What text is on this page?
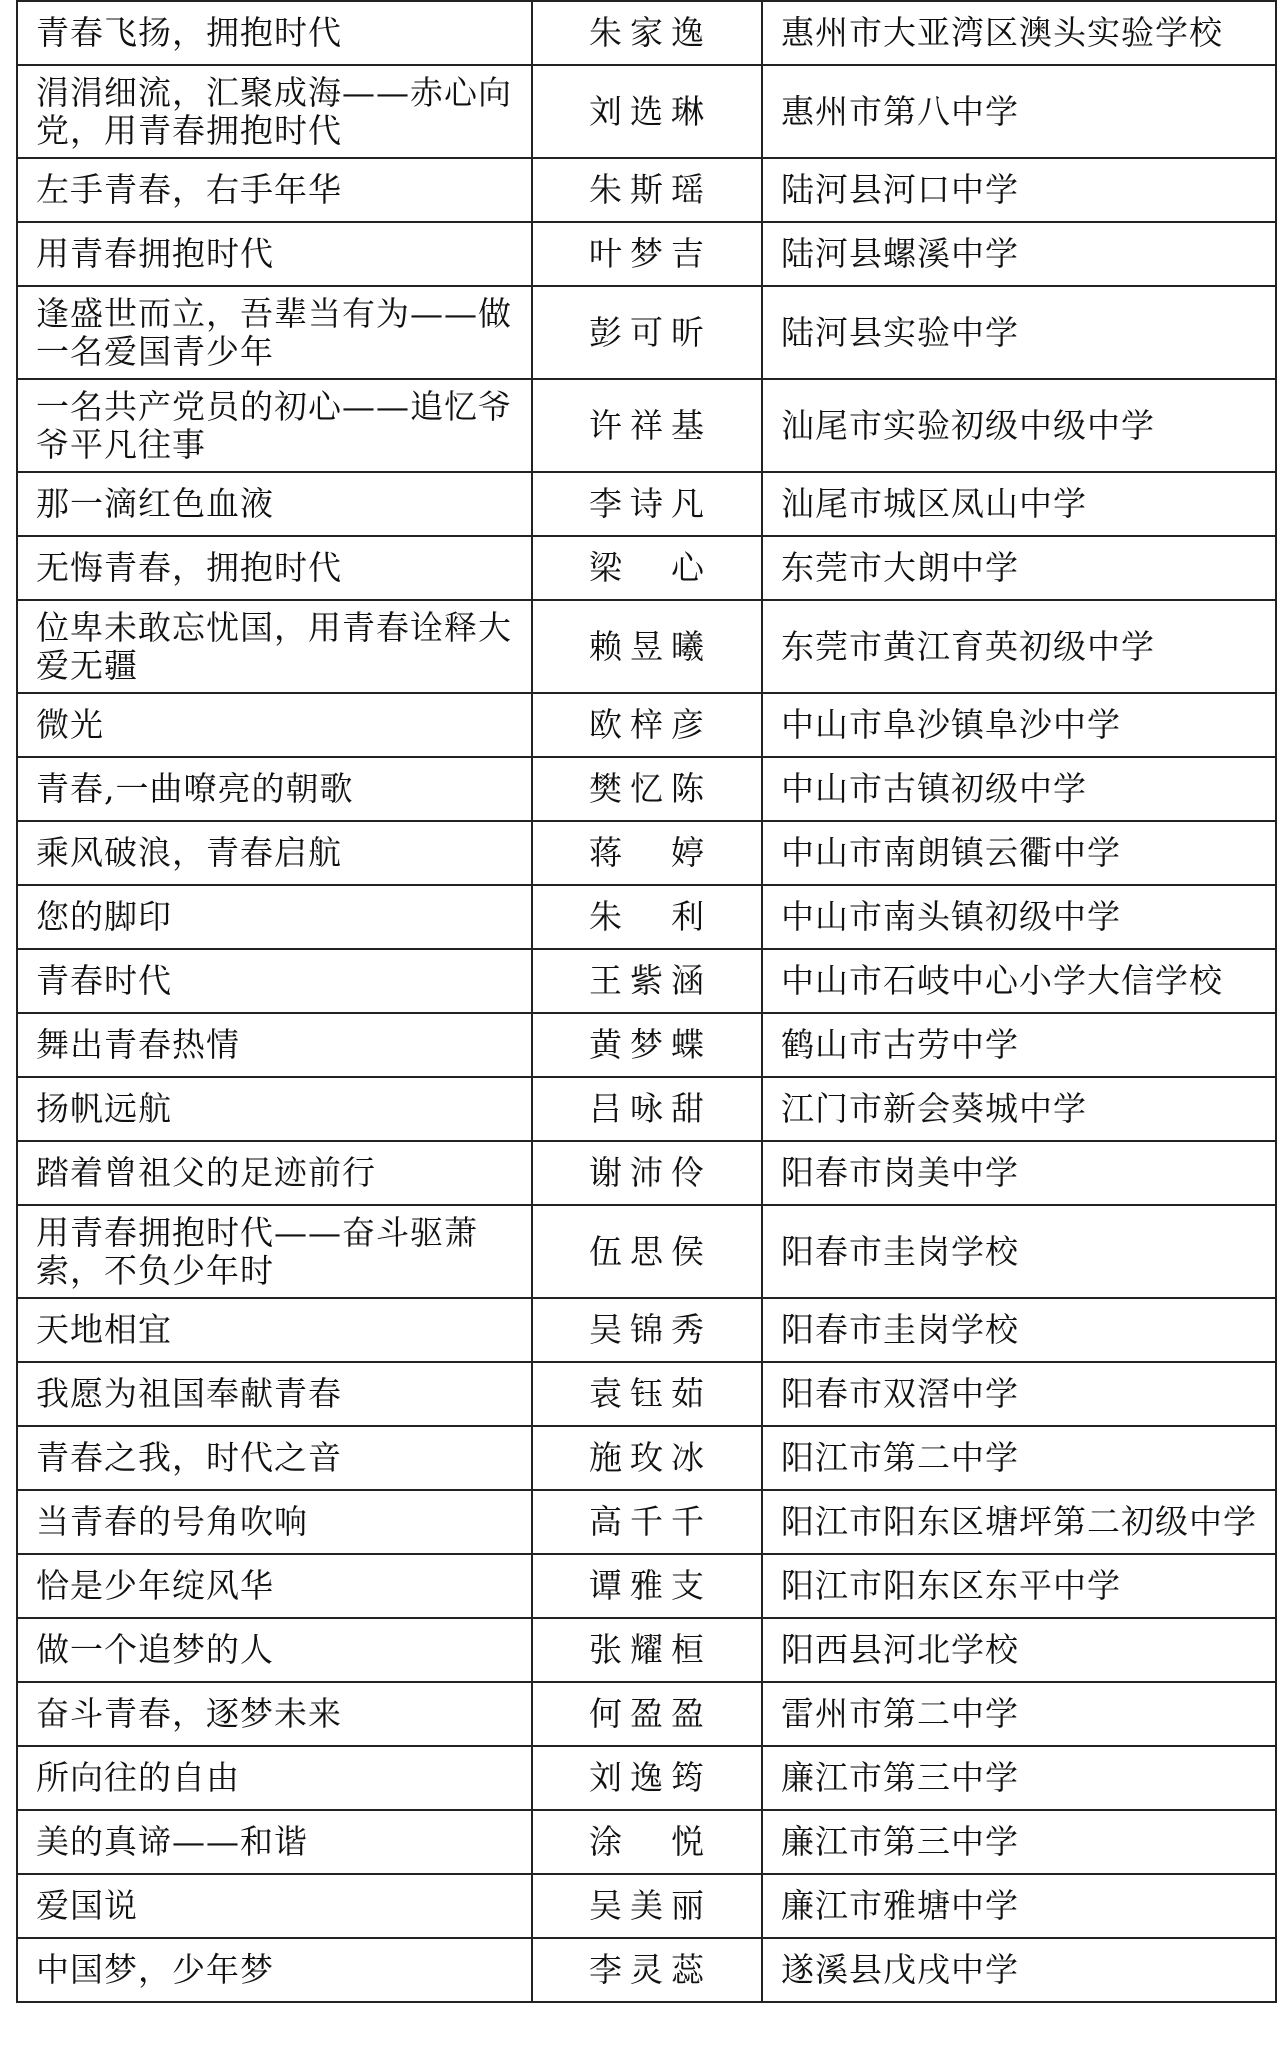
青春飞扬，拥抱时代	朱家逸	惠州市大亚湾区澳头实验学校
涓涓细流，汇聚成海——赤心向党，用青春拥抱时代	刘选琳	惠州市第八中学
左手青春，右手年华	朱斯瑶	陆河县河口中学
用青春拥抱时代	叶梦吉	陆河县螺溪中学
逢盛世而立，吾辈当有为——做一名爱国青少年	彭可昕	陆河县实验中学
一名共产党员的初心——追忆爷爷平凡往事	许祥基	汕尾市实验初级中级中学
那一滴红色血液	李诗凡	汕尾市城区凤山中学
无悔青春，拥抱时代	梁　心	东莞市大朗中学
位卑未敢忘忧国，用青春诠释大爱无疆	赖昱曦	东莞市黄江育英初级中学
微光	欧梓彦	中山市阜沙镇阜沙中学
青春,一曲嘹亮的朝歌	樊忆陈	中山市古镇初级中学
乘风破浪，青春启航	蒋　婷	中山市南朗镇云衢中学
您的脚印	朱　利	中山市南头镇初级中学
青春时代	王紫涵	中山市石岐中心小学大信学校
舞出青春热情	黄梦蝶	鹤山市古劳中学
扬帆远航	吕咏甜	江门市新会葵城中学
踏着曾祖父的足迹前行	谢沛伶	阳春市岗美中学
用青春拥抱时代——奋斗驱萧索，不负少年时	伍思侯	阳春市圭岗学校
天地相宜	吴锦秀	阳春市圭岗学校
我愿为祖国奉献青春	袁钰茹	阳春市双滘中学
青春之我，时代之音	施玫冰	阳江市第二中学
当青春的号角吹响	高千千	阳江市阳东区塘坪第二初级中学
恰是少年绽风华	谭雅支	阳江市阳东区东平中学
做一个追梦的人	张耀桓	阳西县河北学校
奋斗青春，逐梦未来	何盈盈	雷州市第二中学
所向往的自由	刘逸筠	廉江市第三中学
美的真谛——和谐	涂　悦	廉江市第三中学
爱国说	吴美丽	廉江市雅塘中学
中国梦，少年梦	李灵蕊	遂溪县戊戌中学
